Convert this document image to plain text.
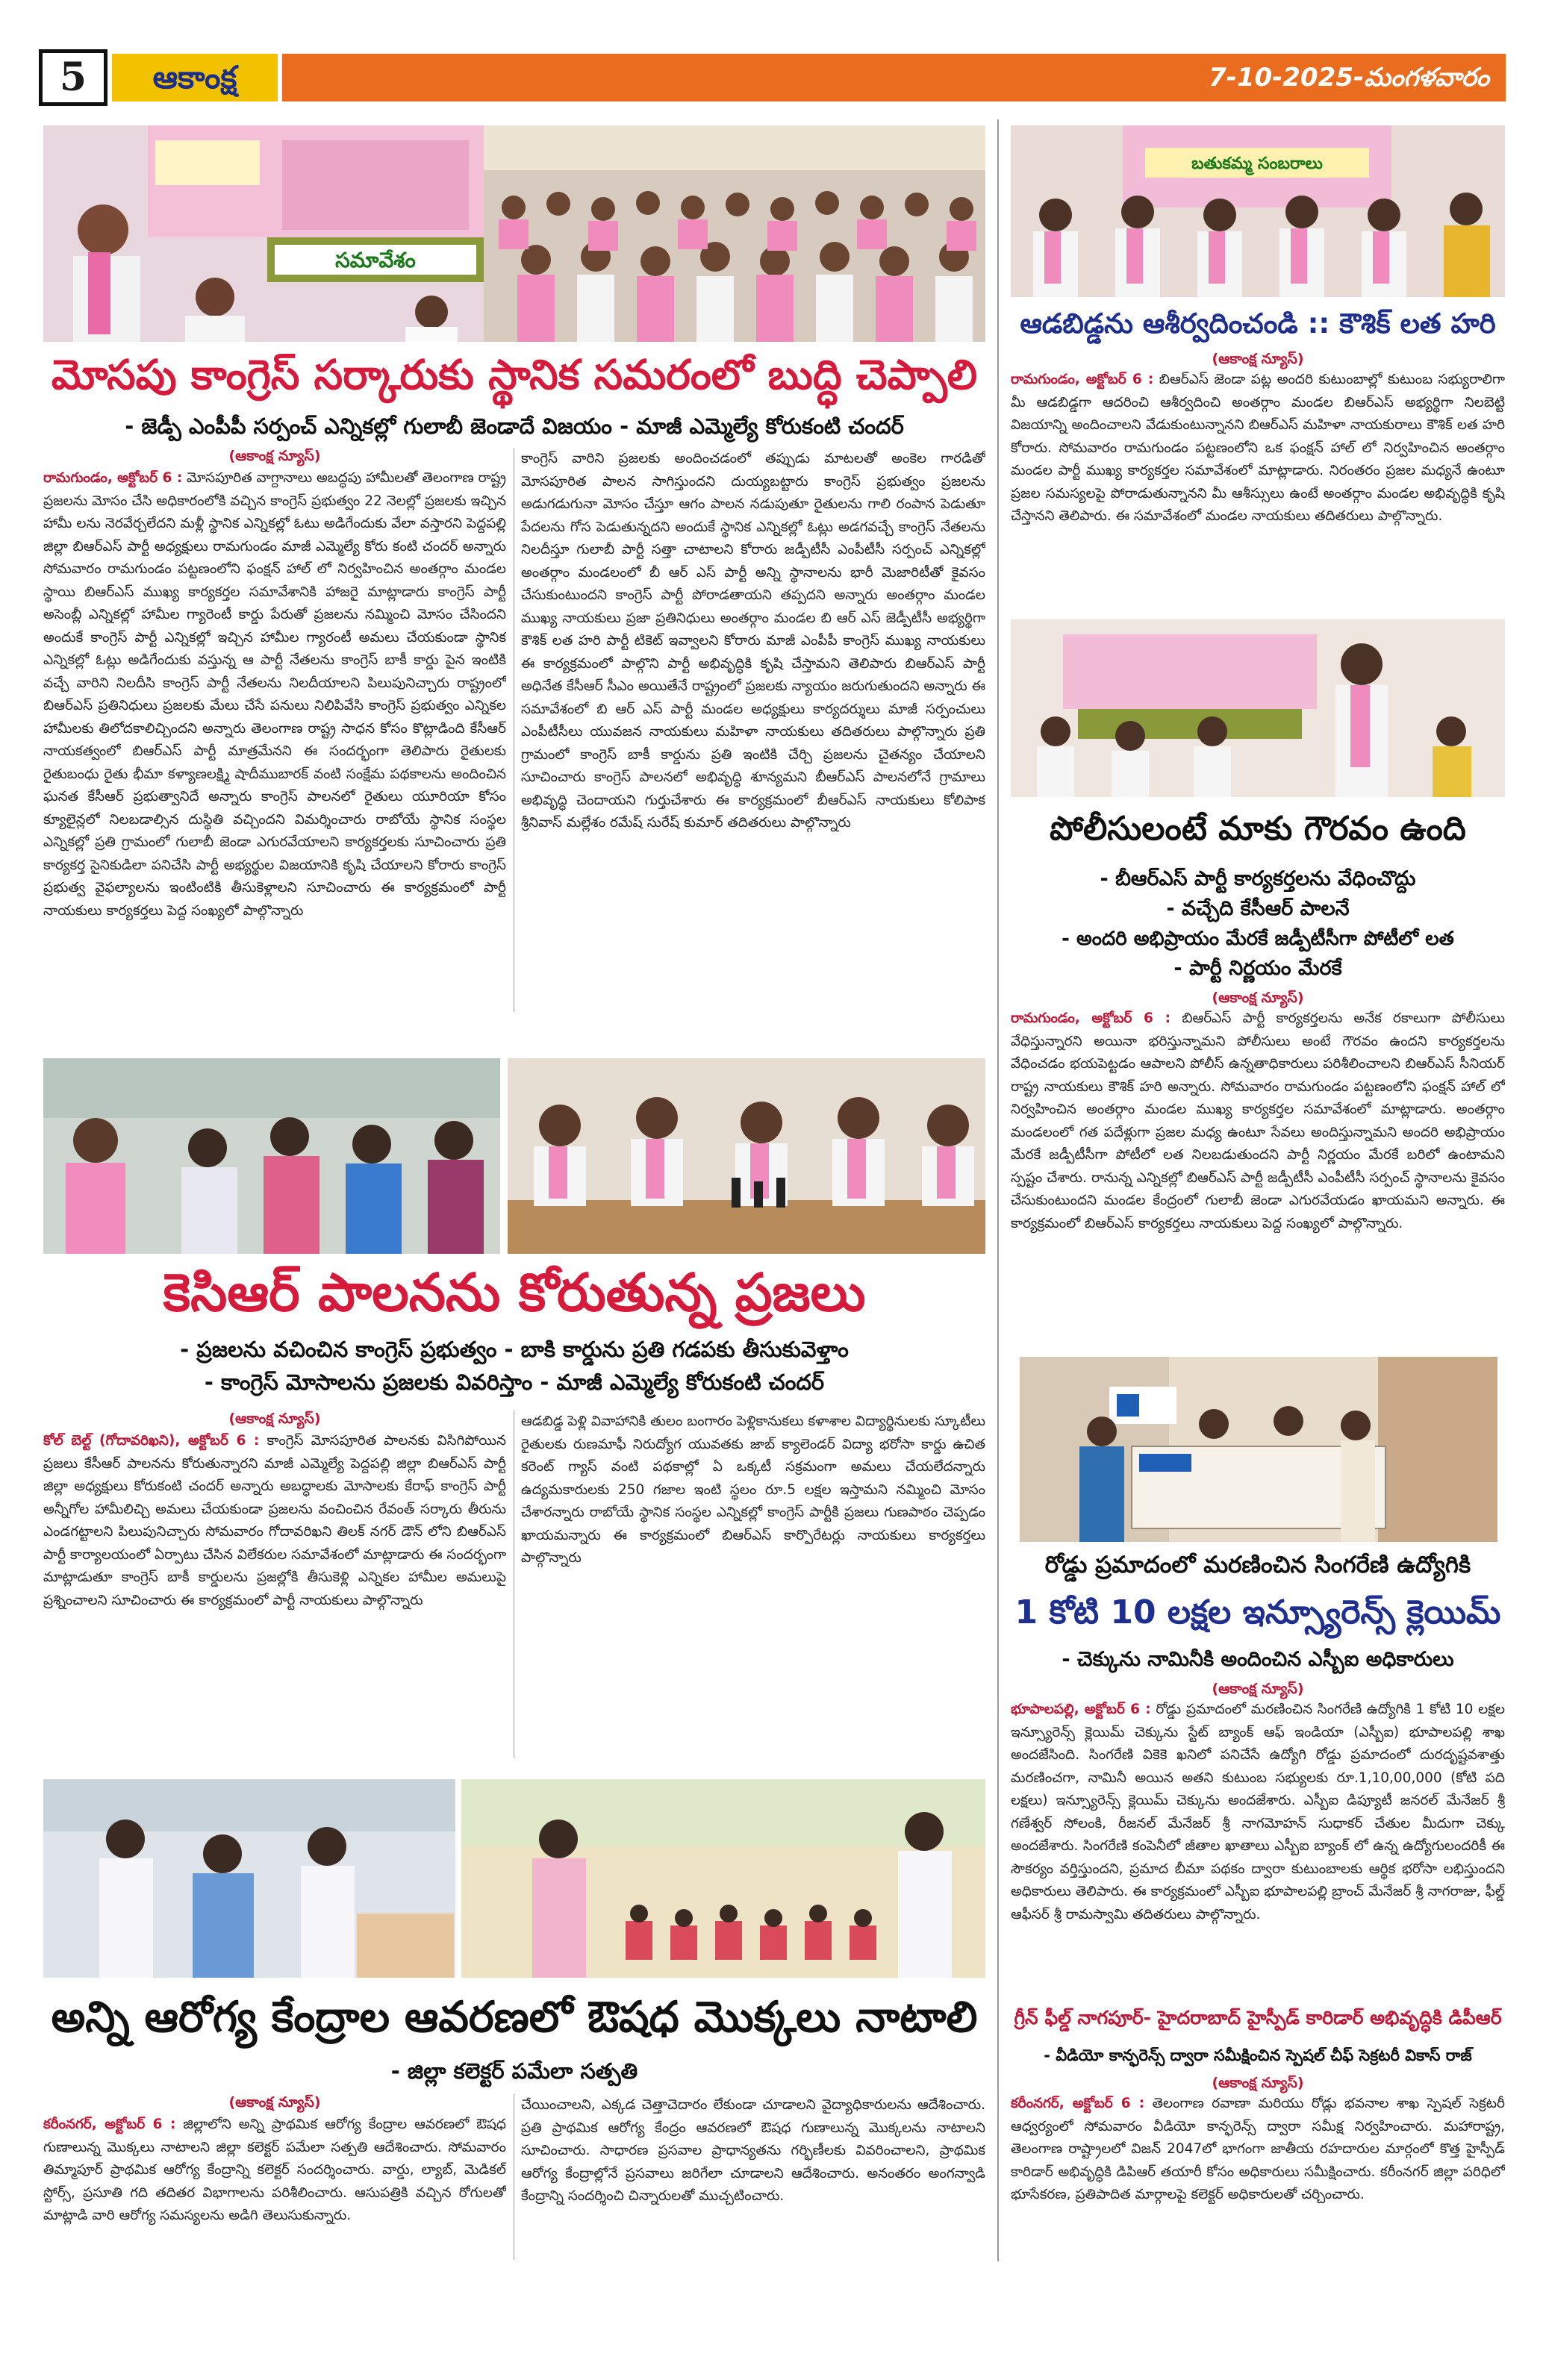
5	ఆకాంక్ష	7-10-2025-మంగళవారం
సమావేశం
మోసపు కాంగ్రెస్ సర్కారుకు స్థానిక సమరంలో బుద్ధి చెప్పాలి
- జెడ్పీ ఎంపీపీ సర్పంచ్ ఎన్నికల్లో గులాబీ జెండాదే విజయం - మాజీ ఎమ్మెల్యే కోరుకంటి చందర్
(ఆకాంక్ష న్యూస్)
రామగుండం, అక్టోబర్ 6 : మోసపూరిత వాగ్దానాలు అబద్ధపు హామీలతో తెలంగాణ రాష్ట్ర ప్రజలను మోసం చేసి అధికారంలోకి వచ్చిన కాంగ్రెస్ ప్రభుత్వం 22 నెలల్లో ప్రజలకు ఇచ్చిన హామీ లను నెరవేర్చలేదని మళ్లీ స్థానిక ఎన్నికల్లో ఓటు అడిగేందుకు వేలా వస్తారని పెద్దపల్లి జిల్లా బిఆర్ఎస్ పార్టీ అధ్యక్షులు రామగుండం మాజీ ఎమ్మెల్యే కోరు కంటి చందర్ అన్నారు సోమవారం రామగుండం పట్టణంలోని ఫంక్షన్ హాల్ లో నిర్వహించిన అంతర్గాం మండల స్థాయి బిఆర్ఎస్ ముఖ్య కార్యకర్తల సమావేశానికి హాజరై మాట్లాడారు కాంగ్రెస్ పార్టీ అసెంబ్లీ ఎన్నికల్లో హామీల గ్యారెంటీ కార్డు పేరుతో ప్రజలను నమ్మించి మోసం చేసిందని అందుకే కాంగ్రెస్ పార్టీ ఎన్నికల్లో ఇచ్చిన హామీల గ్యారంటీ అమలు చేయకుండా స్థానిక ఎన్నికల్లో ఓట్లు అడిగేందుకు వస్తున్న ఆ పార్టీ నేతలను కాంగ్రెస్ బాకీ కార్డు పైన ఇంటికి వచ్చే వారిని నిలదీసి కాంగ్రెస్ పార్టీ నేతలను నిలదీయాలని పిలుపునిచ్చారు రాష్ట్రంలో బిఆర్ఎస్ ప్రతినిధులు ప్రజలకు మేలు చేసే పనులు నిలిపివేసి కాంగ్రెస్ ప్రభుత్వం ఎన్నికల హామీలకు తిలోదకాలిచ్చిందని అన్నారు తెలంగాణ రాష్ట్ర సాధన కోసం కొట్లాడింది కేసీఆర్ నాయకత్వంలో బిఆర్ఎస్ పార్టీ మాత్రమేనని ఈ సందర్భంగా తెలిపారు రైతులకు రైతుబంధు రైతు భీమా కళ్యాణలక్ష్మి షాదీముబారక్ వంటి సంక్షేమ పథకాలను అందించిన ఘనత కేసీఆర్ ప్రభుత్వానిదే అన్నారు కాంగ్రెస్ పాలనలో రైతులు యూరియా కోసం క్యూలైన్లలో నిలబడాల్సిన దుస్థితి వచ్చిందని విమర్శించారు రాబోయే స్థానిక సంస్థల ఎన్నికల్లో ప్రతి గ్రామంలో గులాబీ జెండా ఎగురవేయాలని కార్యకర్తలకు సూచించారు ప్రతి కార్యకర్త సైనికుడిలా పనిచేసి పార్టీ అభ్యర్థుల విజయానికి కృషి చేయాలని కోరారు కాంగ్రెస్ ప్రభుత్వ వైఫల్యాలను ఇంటింటికి తీసుకెళ్లాలని సూచించారు ఈ కార్యక్రమంలో పార్టీ నాయకులు కార్యకర్తలు పెద్ద సంఖ్యలో పాల్గొన్నారు
కాంగ్రెస్ వారిని ప్రజలకు అందించడంలో తప్పుడు మాటలతో అంకెల గారడితో మోసపూరిత పాలన సాగిస్తుందని దుయ్యబట్టారు కాంగ్రెస్ ప్రభుత్వం ప్రజలను అడుగడుగునా మోసం చేస్తూ ఆగం పాలన నడుపుతూ రైతులను గాలి రంపాన పెడుతూ పేదలను గోస పెడుతున్నదని అందుకే స్థానిక ఎన్నికల్లో ఓట్లు అడగవచ్చే కాంగ్రెస్ నేతలను నిలదీస్తూ గులాబీ పార్టీ సత్తా చాటాలని కోరారు జడ్పీటీసీ ఎంపీటీసీ సర్పంచ్ ఎన్నికల్లో అంతర్గాం మండలంలో బీ ఆర్ ఎస్ పార్టీ అన్ని స్థానాలను భారీ మెజారిటీతో కైవసం చేసుకుంటుందని కాంగ్రెస్ పార్టీ పోరాడతాయని తప్పదని అన్నారు అంతర్గాం మండల ముఖ్య నాయకులు ప్రజా ప్రతినిధులు అంతర్గాం మండల బి ఆర్ ఎస్ జెడ్పీటీసీ అభ్యర్థిగా కౌశిక్ లత హరి పార్టీ టికెట్ ఇవ్వాలని కోరారు మాజీ ఎంపీపీ కాంగ్రెస్ ముఖ్య నాయకులు ఈ కార్యక్రమంలో పాల్గొని పార్టీ అభివృద్ధికి కృషి చేస్తామని తెలిపారు బిఆర్ఎస్ పార్టీ అధినేత కేసీఆర్ సీఎం అయితేనే రాష్ట్రంలో ప్రజలకు న్యాయం జరుగుతుందని అన్నారు ఈ సమావేశంలో బి ఆర్ ఎస్ పార్టీ మండల అధ్యక్షులు కార్యదర్శులు మాజీ సర్పంచులు ఎంపీటీసీలు యువజన నాయకులు మహిళా నాయకులు తదితరులు పాల్గొన్నారు ప్రతి గ్రామంలో కాంగ్రెస్ బాకీ కార్డును ప్రతి ఇంటికి చేర్చి ప్రజలను చైతన్యం చేయాలని సూచించారు కాంగ్రెస్ పాలనలో అభివృద్ధి శూన్యమని బీఆర్ఎస్ పాలనలోనే గ్రామాలు అభివృద్ధి చెందాయని గుర్తుచేశారు ఈ కార్యక్రమంలో బీఆర్ఎస్ నాయకులు కోలిపాక శ్రీనివాస్ మల్లేశం రమేష్ సురేష్ కుమార్ తదితరులు పాల్గొన్నారు
కెసిఆర్ పాలనను కోరుతున్న ప్రజలు
- ప్రజలను వచించిన కాంగ్రెస్ ప్రభుత్వం - బాకి కార్డును ప్రతి గడపకు తీసుకువెళ్తాం
- కాంగ్రెస్ మోసాలను ప్రజలకు వివరిస్తాం - మాజీ ఎమ్మెల్యే కోరుకంటి చందర్
(ఆకాంక్ష న్యూస్)
కోల్ బెల్ట్ (గోదావరిఖని), అక్టోబర్ 6 : కాంగ్రెస్ మోసపూరిత పాలనకు విసిగిపోయిన ప్రజలు కేసీఆర్ పాలనను కోరుతున్నారని మాజీ ఎమ్మెల్యే పెద్దపల్లి జిల్లా బిఆర్ఎస్ పార్టీ జిల్లా అధ్యక్షులు కోరుకంటి చందర్ అన్నారు అబద్ధాలకు మోసాలకు కేరాఫ్ కాంగ్రెస్ పార్టీ అన్నీగోల హామీలిచ్చి అమలు చేయకుండా ప్రజలను వంచించిన రేవంత్ సర్కారు తీరును ఎండగట్టాలని పిలుపునిచ్చారు సోమవారం గోదావరిఖని తిలక్ నగర్ డౌన్ లోని బిఆర్ఎస్ పార్టీ కార్యాలయంలో ఏర్పాటు చేసిన విలేకరుల సమావేశంలో మాట్లాడారు ఈ సందర్భంగా మాట్లాడుతూ కాంగ్రెస్ బాకీ కార్డులను ప్రజల్లోకి తీసుకెళ్లి ఎన్నికల హామీల అమలుపై ప్రశ్నించాలని సూచించారు ఈ కార్యక్రమంలో పార్టీ నాయకులు పాల్గొన్నారు
ఆడబిడ్డ పెళ్లి వివాహానికి తులం బంగారం పెళ్లికానుకలు కళాశాల విద్యార్థినులకు స్కూటీలు రైతులకు రుణమాఫీ నిరుద్యోగ యువతకు జాబ్ క్యాలెండర్ విద్యా భరోసా కార్డు ఉచిత కరెంట్ గ్యాస్ వంటి పథకాల్లో ఏ ఒక్కటీ సక్రమంగా అమలు చేయలేదన్నారు ఉద్యమకారులకు 250 గజాల ఇంటి స్థలం రూ.5 లక్షల ఇస్తామని నమ్మించి మోసం చేశారన్నారు రాబోయే స్థానిక సంస్థల ఎన్నికల్లో కాంగ్రెస్ పార్టీకి ప్రజలు గుణపాఠం చెప్పడం ఖాయమన్నారు ఈ కార్యక్రమంలో బిఆర్ఎస్ కార్పొరేటర్లు నాయకులు కార్యకర్తలు పాల్గొన్నారు
అన్ని ఆరోగ్య కేంద్రాల ఆవరణలో ఔషధ మొక్కలు నాటాలి
- జిల్లా కలెక్టర్ పమేలా సత్పతి
(ఆకాంక్ష న్యూస్)
కరీంనగర్, అక్టోబర్ 6 : జిల్లాలోని అన్ని ప్రాథమిక ఆరోగ్య కేంద్రాల ఆవరణలో ఔషధ గుణాలున్న మొక్కలు నాటాలని జిల్లా కలెక్టర్ పమేలా సత్పతి ఆదేశించారు. సోమవారం తిమ్మాపూర్ ప్రాథమిక ఆరోగ్య కేంద్రాన్ని కలెక్టర్ సందర్శించారు. వార్డు, ల్యాబ్, మెడికల్ స్టోర్స్, ప్రసూతి గది తదితర విభాగాలను పరిశీలించారు. ఆసుపత్రికి వచ్చిన రోగులతో మాట్లాడి వారి ఆరోగ్య సమస్యలను అడిగి తెలుసుకున్నారు.
చేయించాలని, ఎక్కడ చెత్తాచెదారం లేకుండా చూడాలని వైద్యాధికారులను ఆదేశించారు. ప్రతి ప్రాథమిక ఆరోగ్య కేంద్రం ఆవరణలో ఔషధ గుణాలున్న మొక్కలను నాటాలని సూచించారు. సాధారణ ప్రసవాల ప్రాధాన్యతను గర్భిణీలకు వివరించాలని, ప్రాథమిక ఆరోగ్య కేంద్రాల్లోనే ప్రసవాలు జరిగేలా చూడాలని ఆదేశించారు. అనంతరం అంగన్వాడి కేంద్రాన్ని సందర్శించి చిన్నారులతో ముచ్చటించారు.
బతుకమ్మ సంబరాలు
ఆడబిడ్డను ఆశీర్వదించండి :: కౌశిక్ లత హరి
(ఆకాంక్ష న్యూస్)
రామగుండం, అక్టోబర్ 6 : బిఆర్ఎస్ జెండా పట్ల అందరి కుటుంబాల్లో కుటుంబ సభ్యురాలిగా మీ ఆడబిడ్డగా ఆదరించి ఆశీర్వదించి అంతర్గాం మండల బిఆర్ఎస్ అభ్యర్థిగా నిలబెట్టి విజయాన్ని అందించాలని వేడుకుంటున్నానని బిఆర్ఎస్ మహిళా నాయకురాలు కౌశిక్ లత హరి కోరారు. సోమవారం రామగుండం పట్టణంలోని ఒక ఫంక్షన్ హాల్ లో నిర్వహించిన అంతర్గాం మండల పార్టీ ముఖ్య కార్యకర్తల సమావేశంలో మాట్లాడారు. నిరంతరం ప్రజల మధ్యనే ఉంటూ ప్రజల సమస్యలపై పోరాడుతున్నానని మీ ఆశీస్సులు ఉంటే అంతర్గాం మండల అభివృద్ధికి కృషి చేస్తానని తెలిపారు. ఈ సమావేశంలో మండల నాయకులు తదితరులు పాల్గొన్నారు.
పోలీసులంటే మాకు గౌరవం ఉంది
- బీఆర్ఎస్ పార్టీ కార్యకర్తలను వేధించొద్దు
- వచ్చేది కేసీఆర్ పాలనే
- అందరి అభిప్రాయం మేరకే జడ్పీటీసీగా పోటీలో లత
- పార్టీ నిర్ణయం మేరకే
(ఆకాంక్ష న్యూస్)
రామగుండం, అక్టోబర్ 6 : బిఆర్ఎస్ పార్టీ కార్యకర్తలను అనేక రకాలుగా పోలీసులు వేధిస్తున్నారని అయినా భరిస్తున్నామని పోలీసులు అంటే గౌరవం ఉందని కార్యకర్తలను వేధించడం భయపెట్టడం ఆపాలని పోలీస్ ఉన్నతాధికారులు పరిశీలించాలని బిఆర్ఎస్ సీనియర్ రాష్ట్ర నాయకులు కౌశిక్ హరి అన్నారు. సోమవారం రామగుండం పట్టణంలోని ఫంక్షన్ హాల్ లో నిర్వహించిన అంతర్గాం మండల ముఖ్య కార్యకర్తల సమావేశంలో మాట్లాడారు. అంతర్గాం మండలంలో గత పదేళ్లుగా ప్రజల మధ్య ఉంటూ సేవలు అందిస్తున్నామని అందరి అభిప్రాయం మేరకే జడ్పీటీసీగా పోటీలో లత నిలబడుతుందని పార్టీ నిర్ణయం మేరకే బరిలో ఉంటామని స్పష్టం చేశారు. రానున్న ఎన్నికల్లో బిఆర్ఎస్ పార్టీ జడ్పీటీసీ ఎంపీటీసీ సర్పంచ్ స్థానాలను కైవసం చేసుకుంటుందని మండల కేంద్రంలో గులాబీ జెండా ఎగురవేయడం ఖాయమని అన్నారు. ఈ కార్యక్రమంలో బిఆర్ఎస్ కార్యకర్తలు నాయకులు పెద్ద సంఖ్యలో పాల్గొన్నారు.
రోడ్డు ప్రమాదంలో మరణించిన సింగరేణి ఉద్యోగికి
1 కోటి 10 లక్షల ఇన్స్యూరెన్స్ క్లెయిమ్
- చెక్కును నామినీకి అందించిన ఎస్బీఐ అధికారులు
(ఆకాంక్ష న్యూస్)
భూపాలపల్లి, అక్టోబర్ 6 : రోడ్డు ప్రమాదంలో మరణించిన సింగరేణి ఉద్యోగికి 1 కోటి 10 లక్షల ఇన్స్యూరెన్స్ క్లెయిమ్ చెక్కును స్టేట్ బ్యాంక్ ఆఫ్ ఇండియా (ఎస్బీఐ) భూపాలపల్లి శాఖ అందజేసింది. సింగరేణి వికెకె ఖనిలో పనిచేసే ఉద్యోగి రోడ్డు ప్రమాదంలో దురదృష్టవశాత్తు మరణించగా, నామినీ అయిన అతని కుటుంబ సభ్యులకు రూ.1,10,00,000 (కోటి పది లక్షలు) ఇన్స్యూరెన్స్ క్లెయిమ్ చెక్కును అందజేశారు. ఎస్బీఐ డిప్యూటీ జనరల్ మేనేజర్ శ్రీ గణేశ్వర్ సోలంకి, రీజనల్ మేనేజర్ శ్రీ నాగమోహన్ సుధాకర్ చేతుల మీదుగా చెక్కు అందజేశారు. సింగరేణి కంపెనీలో జీతాల ఖాతాలు ఎస్బీఐ బ్యాంక్ లో ఉన్న ఉద్యోగులందరికీ ఈ సౌకర్యం వర్తిస్తుందని, ప్రమాద బీమా పథకం ద్వారా కుటుంబాలకు ఆర్థిక భరోసా లభిస్తుందని అధికారులు తెలిపారు. ఈ కార్యక్రమంలో ఎస్బీఐ భూపాలపల్లి బ్రాంచ్ మేనేజర్ శ్రీ నాగరాజు, ఫీల్డ్ ఆఫీసర్ శ్రీ రామస్వామి తదితరులు పాల్గొన్నారు.
గ్రీన్ ఫీల్డ్ నాగపూర్- హైదరాబాద్ హైస్పీడ్ కారిడార్ అభివృద్ధికి డిపీఆర్
- వీడియో కాన్ఫరెన్స్ ద్వారా సమీక్షించిన స్పెషల్ చీఫ్ సెక్రటరీ వికాస్ రాజ్
(ఆకాంక్ష న్యూస్)
కరీంనగర్, అక్టోబర్ 6 : తెలంగాణ రవాణా మరియు రోడ్లు భవనాల శాఖ స్పెషల్ సెక్రటరీ ఆధ్వర్యంలో సోమవారం వీడియో కాన్ఫరెన్స్ ద్వారా సమీక్ష నిర్వహించారు. మహారాష్ట్ర, తెలంగాణ రాష్ట్రాలలో విజన్ 2047లో భాగంగా జాతీయ రహదారుల మార్గంలో కొత్త హైస్పీడ్ కారిడార్ అభివృద్ధికి డిపిఆర్ తయారీ కోసం అధికారులు సమీక్షించారు. కరీంనగర్ జిల్లా పరిధిలో భూసేకరణ, ప్రతిపాదిత మార్గాలపై కలెక్టర్ అధికారులతో చర్చించారు.
